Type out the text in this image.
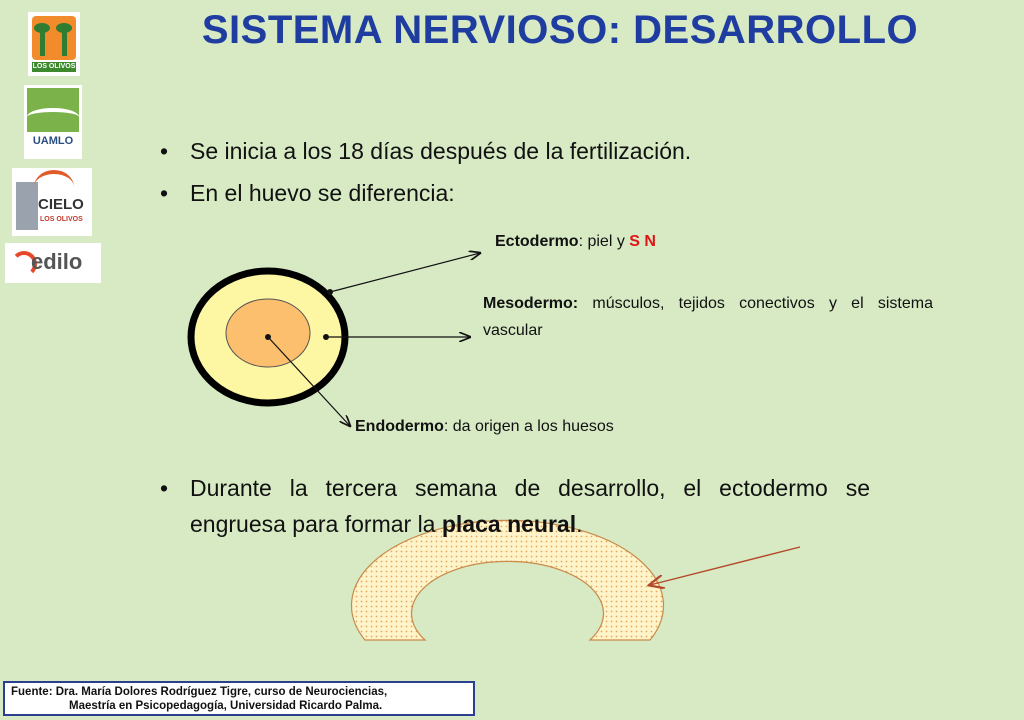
SISTEMA NERVIOSO: DESARROLLO
LOS OLIVOS
UAMLO
CIELO
LOS OLIVOS
edilo
• Se inicia a los 18 días después de la fertilización.
• En el huevo se diferencia:
Ectodermo: piel y S N
Mesodermo: músculos, tejidos conectivos y el sistema vascular
Endodermo: da origen a los huesos
• Durante la tercera semana de desarrollo, el ectodermo se engruesa para formar la placa neural.
Fuente: Dra. María Dolores Rodríguez Tigre, curso de Neurociencias,
Maestría en Psicopedagogía, Universidad Ricardo Palma.
